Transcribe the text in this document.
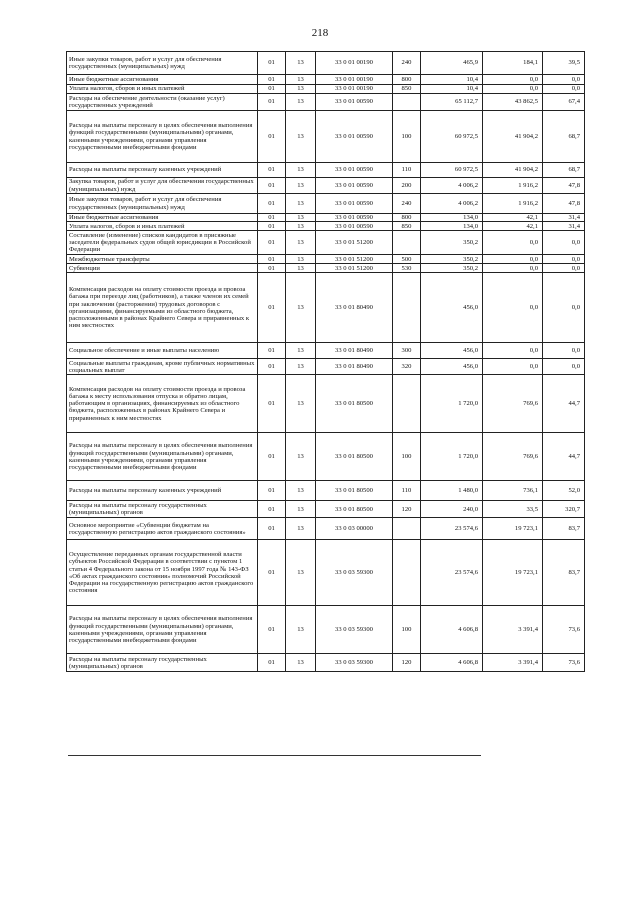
218
Иные закупки товаров, работ и услуг для обеспечения государственных (муниципальных) нужд	01	13	33 0 01 00190	240	465,9	184,1	39,5
Иные бюджетные ассигнования	01	13	33 0 01 00190	800	10,4	0,0	0,0
Уплата налогов, сборов и иных платежей	01	13	33 0 01 00190	850	10,4	0,0	0,0
Расходы на обеспечение деятельности (оказание услуг) государственных учреждений	01	13	33 0 01 00590		65 112,7	43 862,5	67,4
Расходы на выплаты персоналу в целях обеспечения выполнения функций государственными (муниципальными) органами, казенными учреждениями, органами управления государственными внебюджетными фондами	01	13	33 0 01 00590	100	60 972,5	41 904,2	68,7
Расходы на выплаты персоналу казенных учреждений	01	13	33 0 01 00590	110	60 972,5	41 904,2	68,7
Закупка товаров, работ и услуг для обеспечения государственных (муниципальных) нужд	01	13	33 0 01 00590	200	4 006,2	1 916,2	47,8
Иные закупки товаров, работ и услуг для обеспечения государственных (муниципальных) нужд	01	13	33 0 01 00590	240	4 006,2	1 916,2	47,8
Иные бюджетные ассигнования	01	13	33 0 01 00590	800	134,0	42,1	31,4
Уплата налогов, сборов и иных платежей	01	13	33 0 01 00590	850	134,0	42,1	31,4
Составление (изменение) списков кандидатов в присяжные заседатели федеральных судов общей юрисдикции в Российской Федерации	01	13	33 0 01 51200		350,2	0,0	0,0
Межбюджетные трансферты	01	13	33 0 01 51200	500	350,2	0,0	0,0
Субвенции	01	13	33 0 01 51200	530	350,2	0,0	0,0
Компенсация расходов на оплату стоимости проезда и провоза багажа при переезде лиц (работников), а также членов их семей при заключении (расторжении) трудовых договоров с организациями, финансируемыми из областного бюджета, расположенными в районах Крайнего Севера и приравненных к ним местностях	01	13	33 0 01 80490		456,0	0,0	0,0
Социальное обеспечение и иные выплаты населению	01	13	33 0 01 80490	300	456,0	0,0	0,0
Социальные выплаты гражданам, кроме публичных нормативных социальных выплат	01	13	33 0 01 80490	320	456,0	0,0	0,0
Компенсация расходов на оплату стоимости проезда и провоза багажа к месту использования отпуска и обратно лицам, работающим в организациях, финансируемых из областного бюджета, расположенных в районах Крайнего Севера и приравненных к ним местностях	01	13	33 0 01 80500		1 720,0	769,6	44,7
Расходы на выплаты персоналу в целях обеспечения выполнения функций государственными (муниципальными) органами, казенными учреждениями, органами управления государственными внебюджетными фондами	01	13	33 0 01 80500	100	1 720,0	769,6	44,7
Расходы на выплаты персоналу казенных учреждений	01	13	33 0 01 80500	110	1 480,0	736,1	52,0
Расходы на выплаты персоналу государственных (муниципальных) органов	01	13	33 0 01 80500	120	240,0	33,5	320,7
Основное мероприятие «Субвенции бюджетам на государственную регистрацию актов гражданского состояния»	01	13	33 0 03 00000		23 574,6	19 723,1	83,7
Осуществление переданных органам государственной власти субъектов Российской Федерации в соответствии с пунктом 1 статьи 4 Федерального закона от 15 ноября 1997 года № 143-ФЗ «Об актах гражданского состояния» полномочий Российской Федерации на государственную регистрацию актов гражданского состояния	01	13	33 0 03 59300		23 574,6	19 723,1	83,7
Расходы на выплаты персоналу в целях обеспечения выполнения функций государственными (муниципальными) органами, казенными учреждениями, органами управления государственными внебюджетными фондами	01	13	33 0 03 59300	100	4 606,8	3 391,4	73,6
Расходы на выплаты персоналу государственных (муниципальных) органов	01	13	33 0 03 59300	120	4 606,8	3 391,4	73,6
